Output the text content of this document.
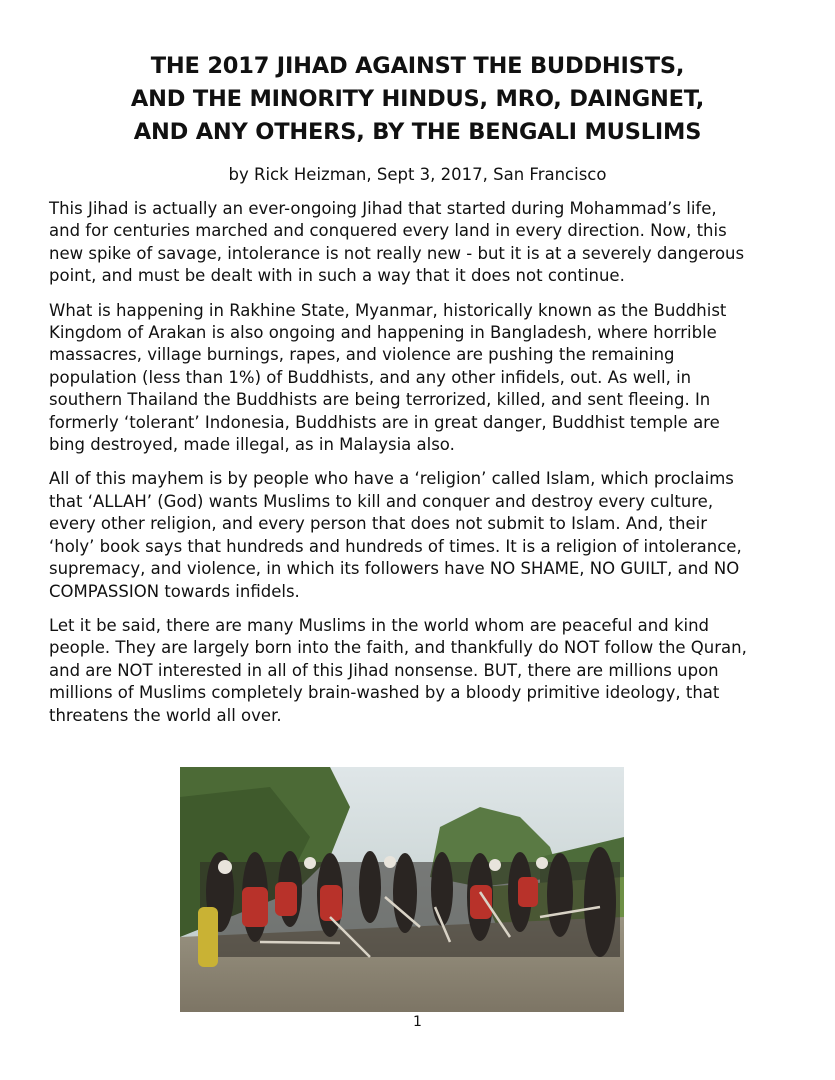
THE 2017 JIHAD AGAINST THE BUDDHISTS,
AND THE MINORITY HINDUS, MRO, DAINGNET,
AND ANY OTHERS, BY THE BENGALI MUSLIMS
by Rick Heizman, Sept 3, 2017, San Francisco

This Jihad is actually an ever-ongoing Jihad that started during Mohammad’s life,
and for centuries marched and conquered every land in every direction. Now, this
new spike of savage, intolerance is not really new - but it is at a severely dangerous
point, and must be dealt with in such a way that it does not continue.

What is happening in Rakhine State, Myanmar, historically known as the Buddhist
Kingdom of Arakan is also ongoing and happening in Bangladesh, where horrible
massacres, village burnings, rapes, and violence are pushing the remaining
population (less than 1%) of Buddhists, and any other infidels, out. As well, in
southern Thailand the Buddhists are being terrorized, killed, and sent fleeing. In
formerly ‘tolerant’ Indonesia, Buddhists are in great danger, Buddhist temple are
bing destroyed, made illegal, as in Malaysia also.

All of this mayhem is by people who have a ‘religion’ called Islam, which proclaims
that ‘ALLAH’ (God) wants Muslims to kill and conquer and destroy every culture,
every other religion, and every person that does not submit to Islam. And, their
‘holy’ book says that hundreds and hundreds of times. It is a religion of intolerance,
supremacy, and violence, in which its followers have NO SHAME, NO GUILT, and NO
COMPASSION towards infidels.

Let it be said, there are many Muslims in the world whom are peaceful and kind
people. They are largely born into the faith, and thankfully do NOT follow the Quran,
and are NOT interested in all of this Jihad nonsense. BUT, there are millions upon
millions of Muslims completely brain-washed by a bloody primitive ideology, that
threatens the world all over.

1
